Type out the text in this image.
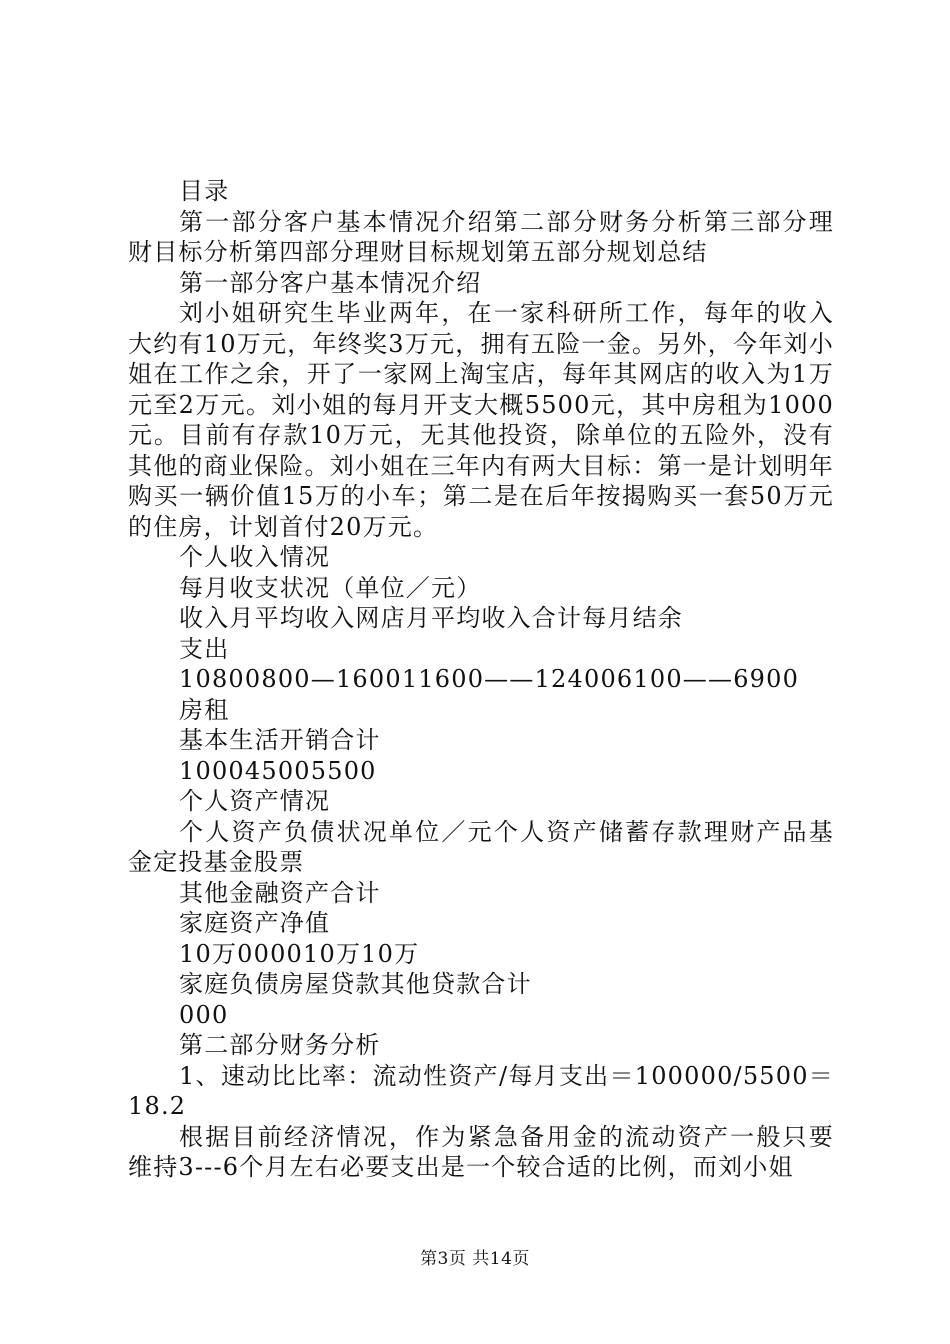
目录

第一部分客户基本情况介绍第二部分财务分析第三部分理财目标分析第四部分理财目标规划第五部分规划总结

第一部分客户基本情况介绍

刘小姐研究生毕业两年，在一家科研所工作，每年的收入大约有10万元，年终奖3万元，拥有五险一金。另外，今年刘小姐在工作之余，开了一家网上淘宝店，每年其网店的收入为1万元至2万元。刘小姐的每月开支大概5500元，其中房租为1000元。目前有存款10万元，无其他投资，除单位的五险外，没有其他的商业保险。刘小姐在三年内有两大目标：第一是计划明年购买一辆价值15万的小车；第二是在后年按揭购买一套50万元的住房，计划首付20万元。

个人收入情况

每月收支状况（单位／元）

收入月平均收入网店月平均收入合计每月结余

支出

10800800—160011600——124006100——6900

房租

基本生活开销合计

100045005500

个人资产情况

个人资产负债状况单位／元个人资产储蓄存款理财产品基金定投基金股票

其他金融资产合计

家庭资产净值

10万000010万10万

家庭负债房屋贷款其他贷款合计

000

第二部分财务分析

1、速动比比率：流动性资产/每月支出＝100000/5500＝18.2

根据目前经济情况，作为紧急备用金的流动资产一般只要维持3---6个月左右必要支出是一个较合适的比例，而刘小姐

第3页 共14页
